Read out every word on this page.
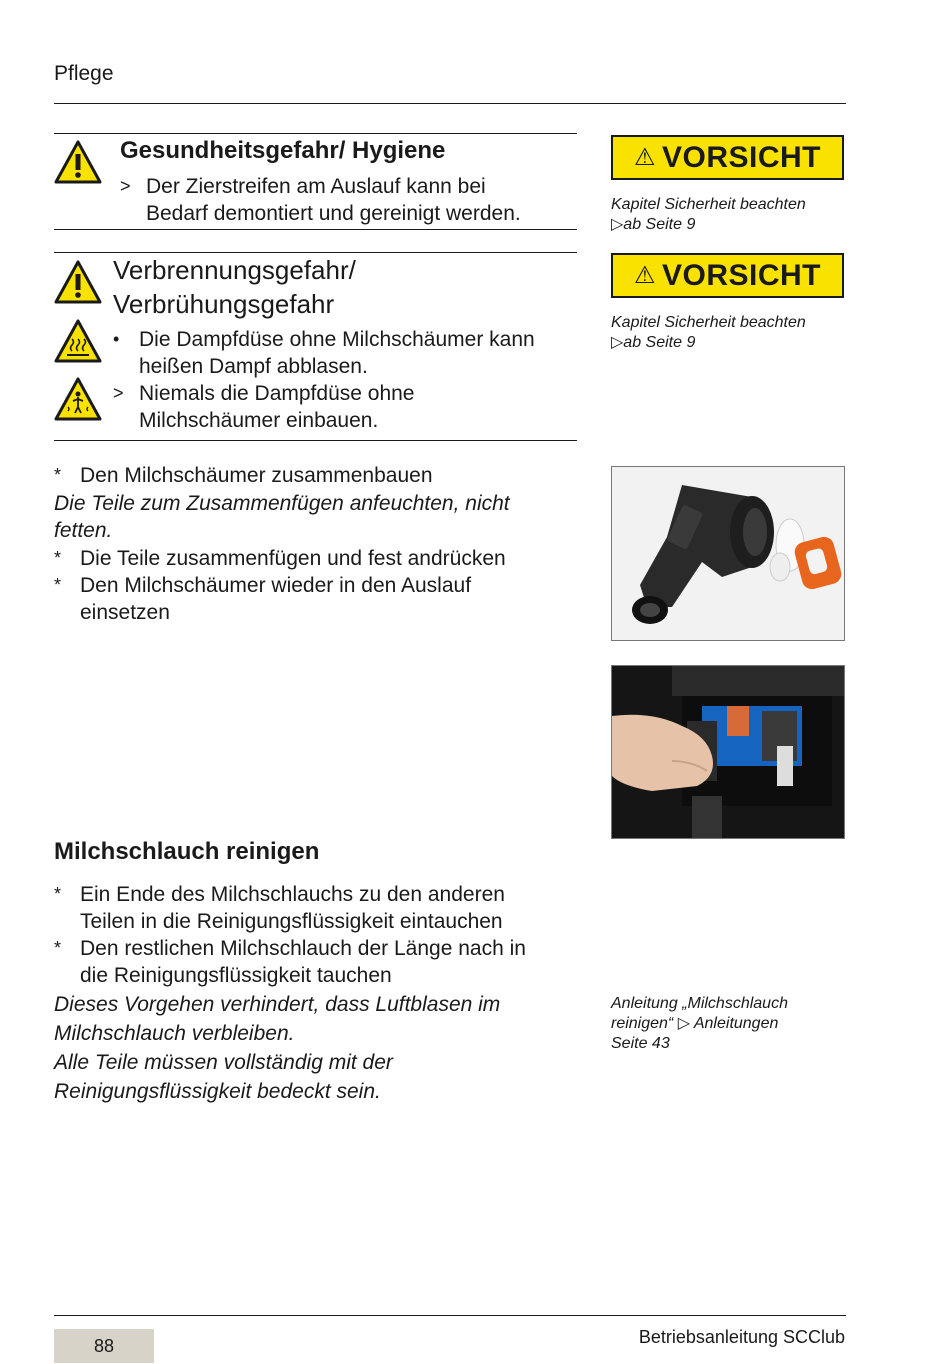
Pflege
Gesundheitsgefahr/ Hygiene
> Der Zierstreifen am Auslauf kann bei
Bedarf demontiert und gereinigt werden.
Verbrennungsgefahr/
Verbrühungsgefahr
• Die Dampfdüse ohne Milchschäumer kann
heißen Dampf abblasen.
> Niemals die Dampfdüse ohne
Milchschäumer einbauen.
⚠ VORSICHT
Kapitel Sicherheit beachten
▷ab Seite 9
⚠ VORSICHT
Kapitel Sicherheit beachten
▷ab Seite 9
* Den Milchschäumer zusammenbauen
Die Teile zum Zusammenfügen anfeuchten, nicht
fetten.
* Die Teile zusammenfügen und fest andrücken
* Den Milchschäumer wieder in den Auslauf
einsetzen
Milchschlauch reinigen
* Ein Ende des Milchschlauchs zu den anderen
Teilen in die Reinigungsflüssigkeit eintauchen
* Den restlichen Milchschlauch der Länge nach in
die Reinigungsflüssigkeit tauchen
Dieses Vorgehen verhindert, dass Luftblasen im
Milchschlauch verbleiben.
Alle Teile müssen vollständig mit der
Reinigungsflüssigkeit bedeckt sein.
Anleitung „Milchschlauch
reinigen“ ▷ Anleitungen
Seite 43
88	Betriebsanleitung SCClub
